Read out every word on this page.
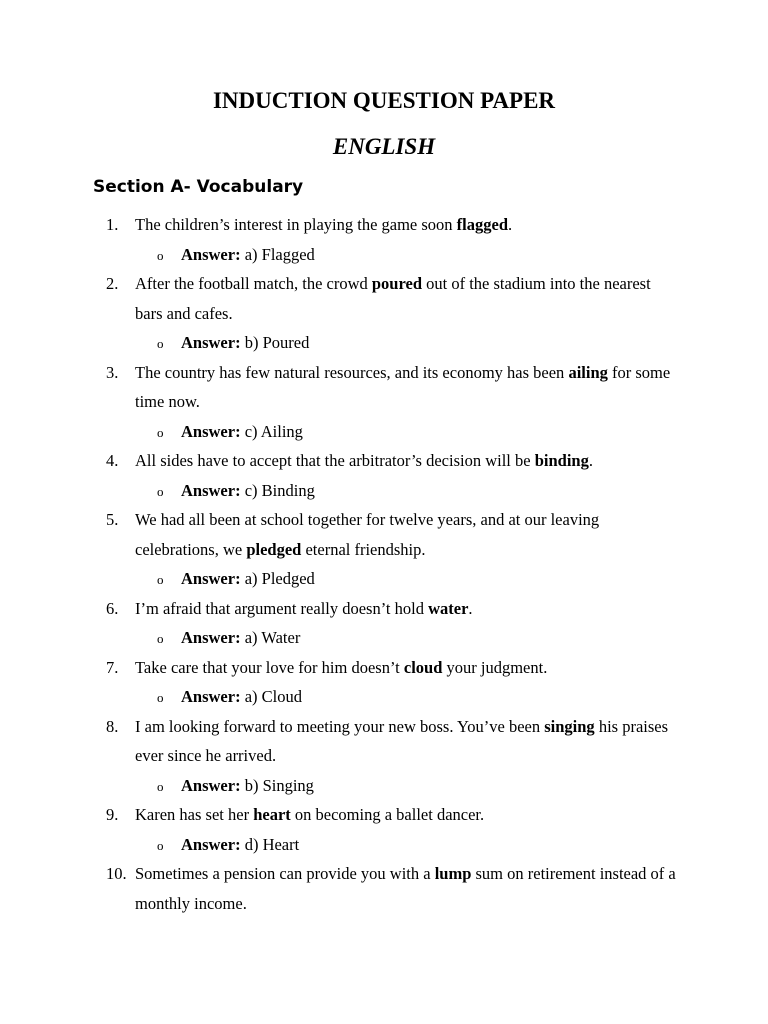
INDUCTION QUESTION PAPER
ENGLISH
Section A- Vocabulary
1.	The children’s interest in playing the game soon flagged.
o Answer: a) Flagged
2.	After the football match, the crowd poured out of the stadium into the nearest bars and cafes.
o Answer: b) Poured
3.	The country has few natural resources, and its economy has been ailing for some time now.
o Answer: c) Ailing
4.	All sides have to accept that the arbitrator’s decision will be binding.
o Answer: c) Binding
5.	We had all been at school together for twelve years, and at our leaving celebrations, we pledged eternal friendship.
o Answer: a) Pledged
6.	I’m afraid that argument really doesn’t hold water.
o Answer: a) Water
7.	Take care that your love for him doesn’t cloud your judgment.
o Answer: a) Cloud
8.	I am looking forward to meeting your new boss. You’ve been singing his praises ever since he arrived.
o Answer: b) Singing
9.	Karen has set her heart on becoming a ballet dancer.
o Answer: d) Heart
10. Sometimes a pension can provide you with a lump sum on retirement instead of a monthly income.
